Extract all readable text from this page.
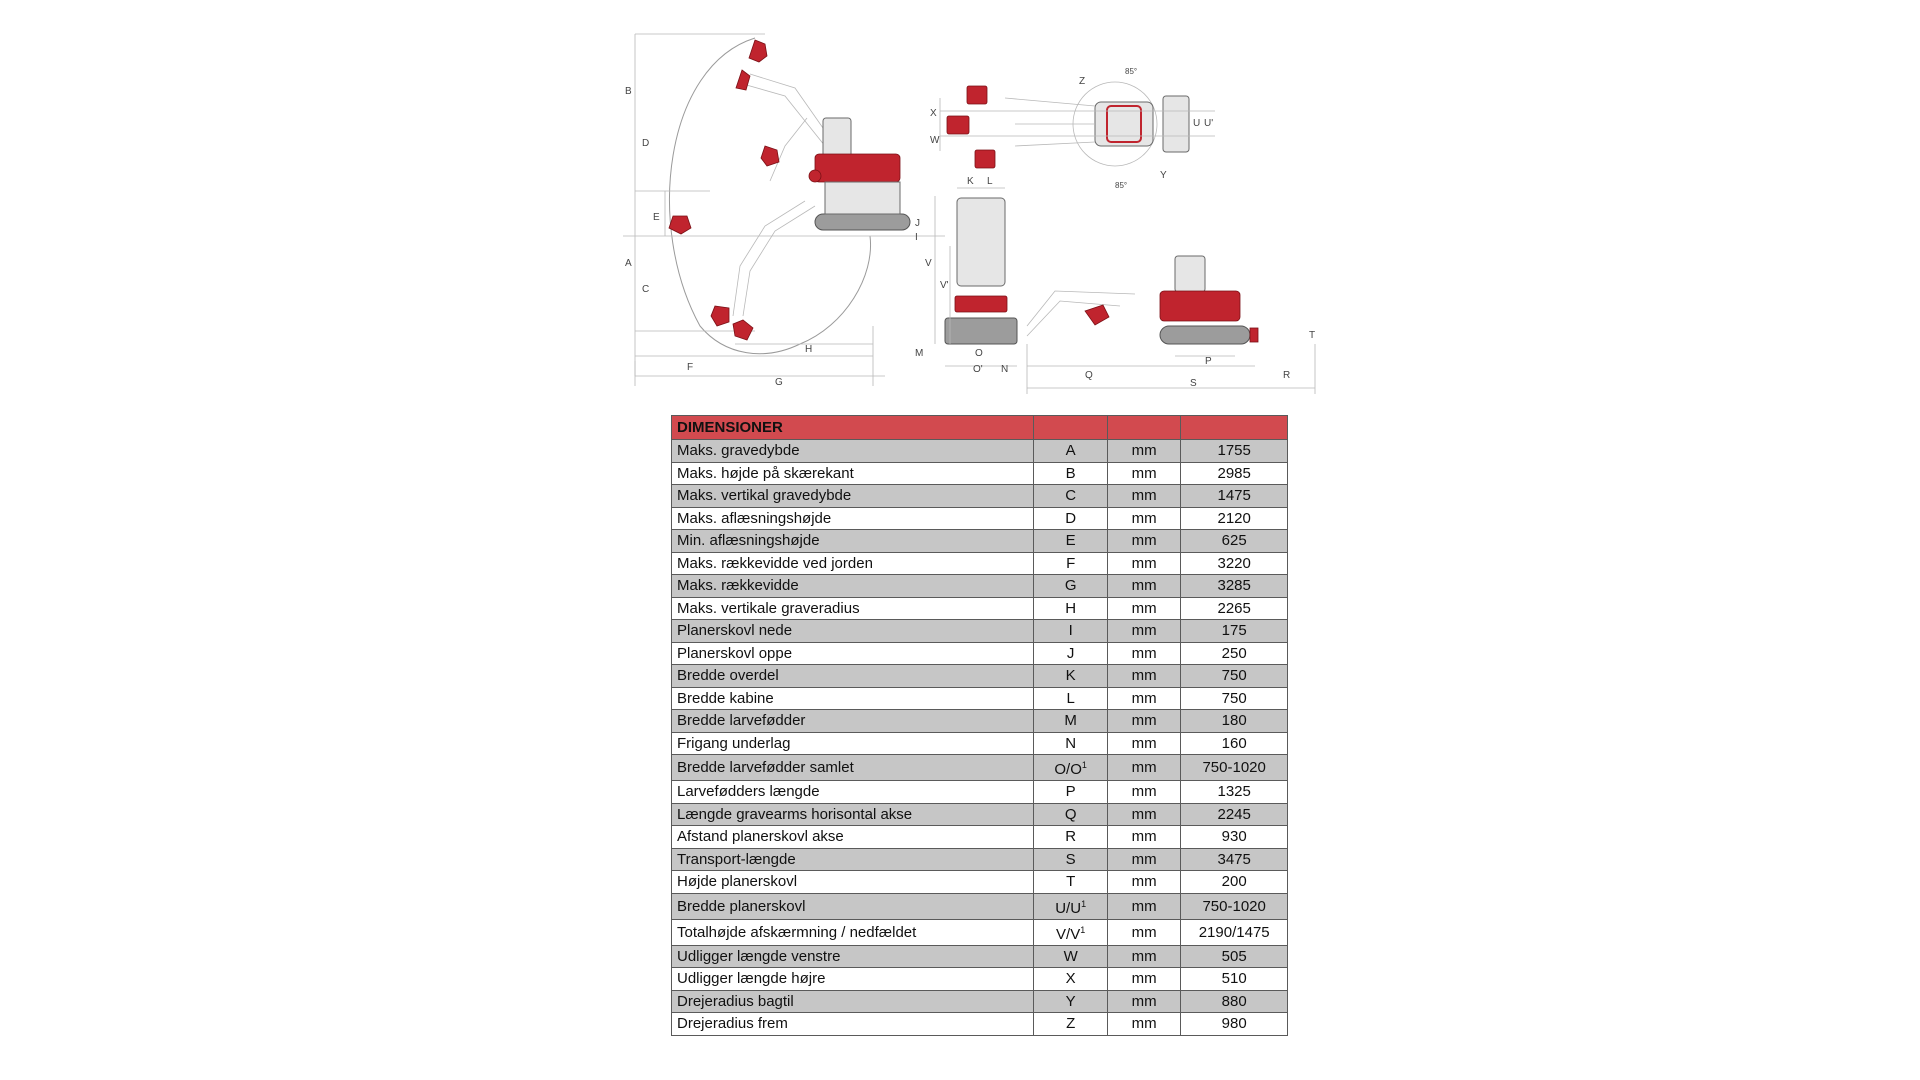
B
D
E
A
C
F
G
H
J
I
Z
X
W
U U'
Y
85°
85°
K L
V
V'
M	O
O' N
Q
S
P
R
T
DIMENSIONER			
Maks. gravedybde	A	mm	1755
Maks. højde på skærekant	B	mm	2985
Maks. vertikal gravedybde	C	mm	1475
Maks. aflæsningshøjde	D	mm	2120
Min. aflæsningshøjde	E	mm	625
Maks. rækkevidde ved jorden	F	mm	3220
Maks. rækkevidde	G	mm	3285
Maks. vertikale graveradius	H	mm	2265
Planerskovl nede	I	mm	175
Planerskovl oppe	J	mm	250
Bredde overdel	K	mm	750
Bredde kabine	L	mm	750
Bredde larvefødder	M	mm	180
Frigang underlag	N	mm	160
Bredde larvefødder samlet	$O/O^1$	mm	750-1020
Larvefødders længde	P	mm	1325
Længde gravearms horisontal akse	Q	mm	2245
Afstand planerskovl akse	R	mm	930
Transport-længde	S	mm	3475
Højde planerskovl	T	mm	200
Bredde planerskovl	$U/U^1$	mm	750-1020
Totalhøjde afskærmning / nedfældet	$V/V^1$	mm	2190/1475
Udligger længde venstre	W	mm	505
Udligger længde højre	X	mm	510
Drejeradius bagtil	Y	mm	880
Drejeradius frem	Z	mm	980
